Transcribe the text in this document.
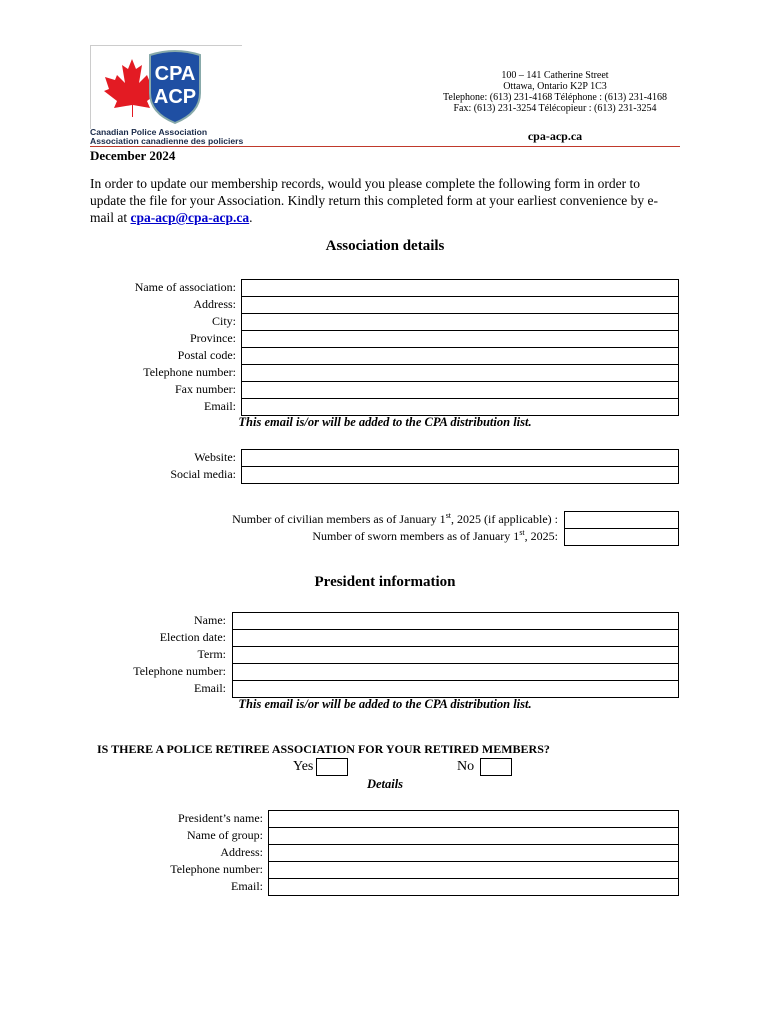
CPA
ACP
Canadian Police Association
Association canadienne des policiers
100 – 141 Catherine Street
Ottawa, Ontario K2P 1C3
Telephone: (613) 231-4168 Téléphone : (613) 231-4168
Fax: (613) 231-3254 Télécopieur : (613) 231-3254
cpa-acp.ca
December 2024
In order to update our membership records, would you please complete the following form in order to update the file for your Association. Kindly return this completed form at your earliest convenience by e-mail at cpa-acp@cpa-acp.ca.
Association details
Name of association:
Address:
City:
Province:
Postal code:
Telephone number:
Fax number:
Email:
This email is/or will be added to the CPA distribution list.
Website:
Social media:
Number of civilian members as of January 1st, 2025 (if applicable) :
Number of sworn members as of January 1st, 2025:
President information
Name:
Election date:
Term:
Telephone number:
Email:
This email is/or will be added to the CPA distribution list.
IS THERE A POLICE RETIREE ASSOCIATION FOR YOUR RETIRED MEMBERS?
Yes	No
Details
President’s name:
Name of group:
Address:
Telephone number:
Email:
